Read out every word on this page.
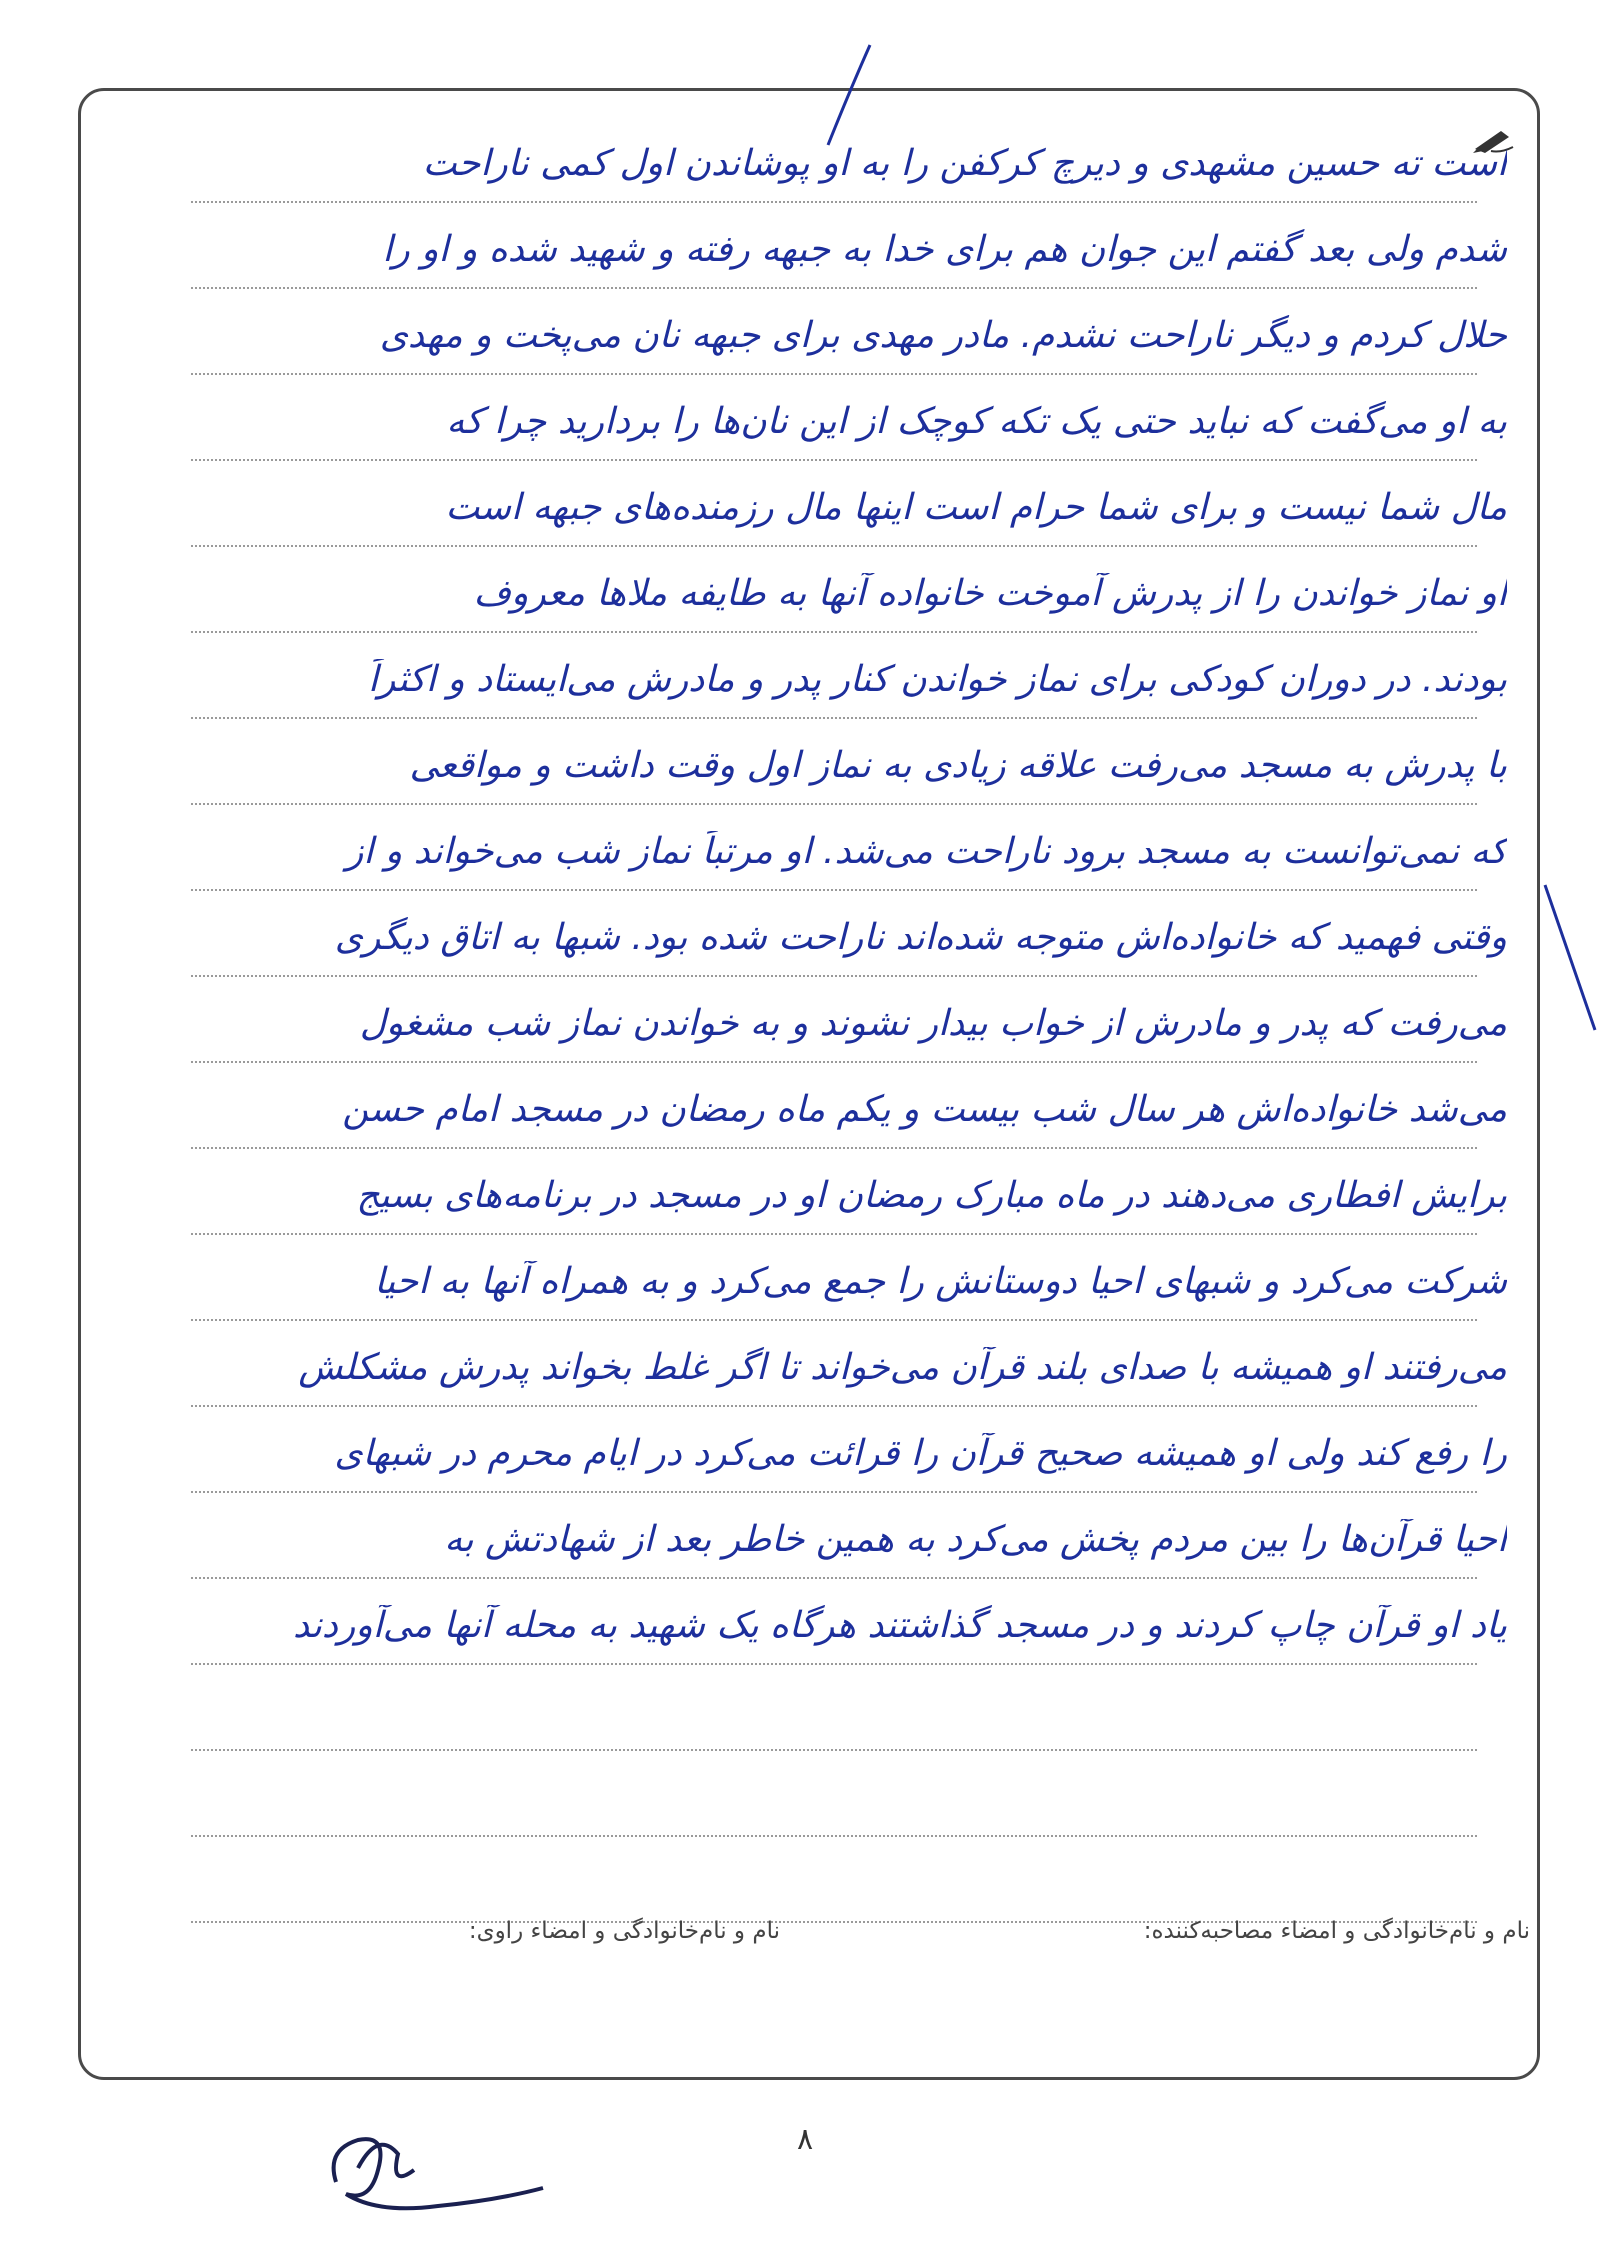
است ته حسین مشهدی و دیرچ کرکفن را به او پوشاندن اول کمی ناراحت
شدم ولی بعد گفتم این جوان هم برای خدا به جبهه رفته و شهید شده و او را
حلال کردم و دیگر ناراحت نشدم. مادر مهدی برای جبهه نان می‌پخت و مهدی
به او می‌گفت که نباید حتی یک تکه کوچک از این نان‌ها را بردارید چرا که
مال شما نیست و برای شما حرام است اینها مال رزمنده‌های جبهه است
او نماز خواندن را از پدرش آموخت خانواده آنها به طایفه ملا‌ها معروف
بودند. در دوران کودکی برای نماز خواندن کنار پدر و مادرش می‌ایستاد و اکثراً
با پدرش به مسجد می‌رفت علاقه زیادی به نماز اول وقت داشت و مواقعی
که نمی‌توانست به مسجد برود ناراحت می‌شد. او مرتباً نماز شب می‌خواند و از
وقتی فهمید که خانواده‌اش متوجه شده‌اند ناراحت شده بود. شبها به اتاق دیگری
می‌رفت که پدر و مادرش از خواب بیدار نشوند و به خواندن نماز شب مشغول
می‌شد خانواده‌اش هر سال شب بیست و یکم ماه رمضان در مسجد امام حسن
برایش افطاری می‌دهند در ماه مبارک رمضان او در مسجد در برنامه‌های بسیج
شرکت می‌کرد و شبهای احیا دوستانش را جمع می‌کرد و به همراه آنها به احیا
می‌رفتند او همیشه با صدای بلند قرآن می‌خواند تا اگر غلط بخواند پدرش مشکلش
را رفع کند ولی او همیشه صحیح قرآن را قرائت می‌کرد در ایام محرم در شبهای
احیا قرآن‌ها را بین مردم پخش می‌کرد به همین خاطر بعد از شهادتش به
یاد او قرآن چاپ کردند و در مسجد گذاشتند هرگاه یک شهید به محله آنها می‌آوردند
نام و نام‌خانوادگی و امضاء مصاحبه‌کننده:
نام و نام‌خانوادگی و امضاء راوی:
۸
